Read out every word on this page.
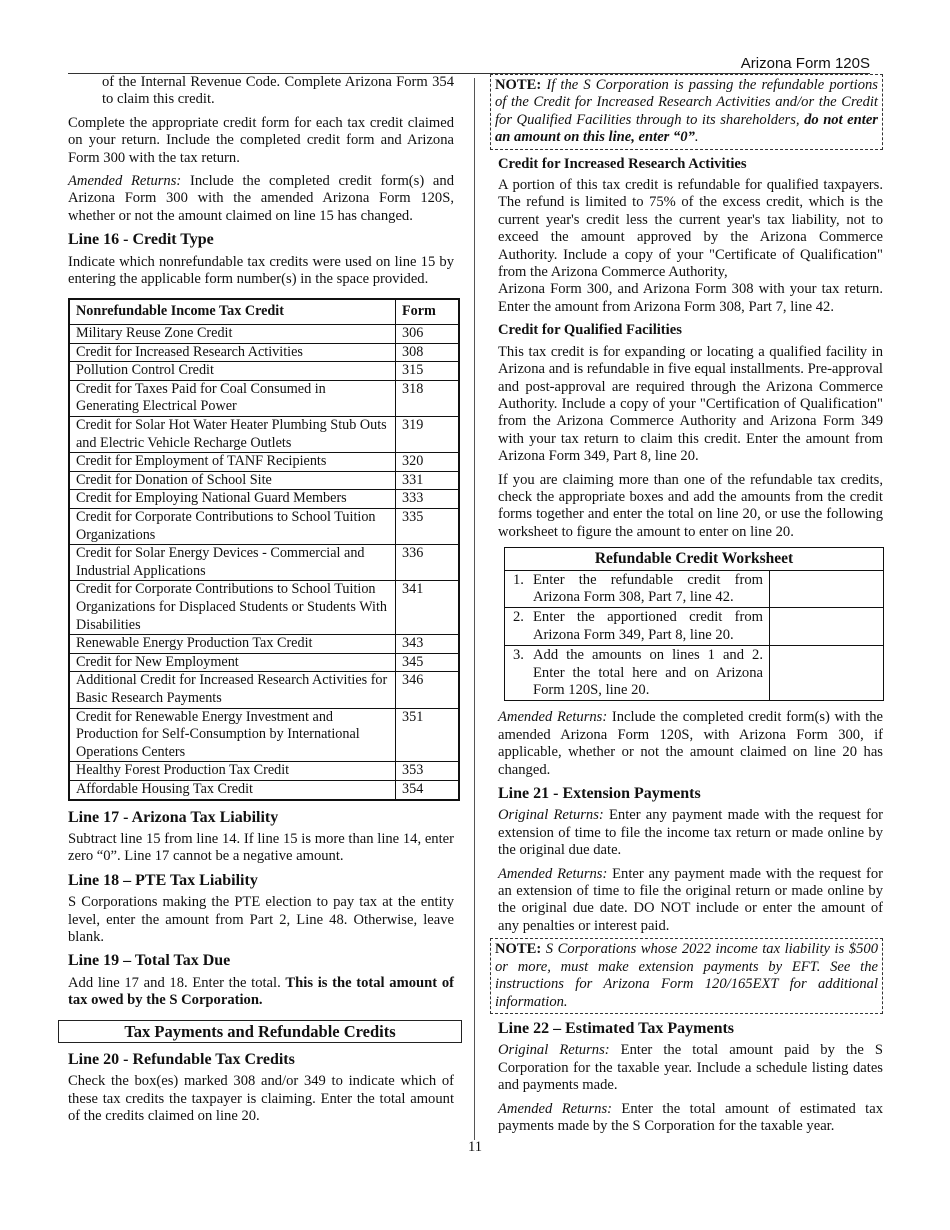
Arizona Form 120S

of the Internal Revenue Code. Complete Arizona Form 354 to claim this credit.

Complete the appropriate credit form for each tax credit claimed on your return. Include the completed credit form and Arizona Form 300 with the tax return.

Amended Returns: Include the completed credit form(s) and Arizona Form 300 with the amended Arizona Form 120S, whether or not the amount claimed on line 15 has changed.

Line 16 - Credit Type

Indicate which nonrefundable tax credits were used on line 15 by entering the applicable form number(s) in the space provided.

Nonrefundable Income Tax Credit	Form
Military Reuse Zone Credit	306
Credit for Increased Research Activities	308
Pollution Control Credit	315
Credit for Taxes Paid for Coal Consumed in Generating Electrical Power	318
Credit for Solar Hot Water Heater Plumbing Stub Outs and Electric Vehicle Recharge Outlets	319
Credit for Employment of TANF Recipients	320
Credit for Donation of School Site	331
Credit for Employing National Guard Members	333
Credit for Corporate Contributions to School Tuition Organizations	335
Credit for Solar Energy Devices - Commercial and Industrial Applications	336
Credit for Corporate Contributions to School Tuition Organizations for Displaced Students or Students With Disabilities	341
Renewable Energy Production Tax Credit	343
Credit for New Employment	345
Additional Credit for Increased Research Activities for Basic Research Payments	346
Credit for Renewable Energy Investment and Production for Self-Consumption by International Operations Centers	351
Healthy Forest Production Tax Credit	353
Affordable Housing Tax Credit	354
Line 17 - Arizona Tax Liability

Subtract line 15 from line 14. If line 15 is more than line 14, enter zero “0”. Line 17 cannot be a negative amount.

Line 18 – PTE Tax Liability

S Corporations making the PTE election to pay tax at the entity level, enter the amount from Part 2, Line 48. Otherwise, leave blank.

Line 19 – Total Tax Due

Add line 17 and 18. Enter the total. This is the total amount of tax owed by the S Corporation.

Tax Payments and Refundable Credits
Line 20 - Refundable Tax Credits

Check the box(es) marked 308 and/or 349 to indicate which of these tax credits the taxpayer is claiming. Enter the total amount of the credits claimed on line 20.

NOTE: If the S Corporation is passing the refundable portions of the Credit for Increased Research Activities and/or the Credit for Qualified Facilities through to its shareholders, do not enter an amount on this line, enter “0”.
Credit for Increased Research Activities

A portion of this tax credit is refundable for qualified taxpayers. The refund is limited to 75% of the excess credit, which is the current year's credit less the current year's tax liability, not to exceed the amount approved by the Arizona Commerce Authority. Include a copy of your "Certificate of Qualification" from the Arizona Commerce Authority,

Arizona Form 300, and Arizona Form 308 with your tax return. Enter the amount from Arizona Form 308, Part 7, line 42.

Credit for Qualified Facilities

This tax credit is for expanding or locating a qualified facility in Arizona and is refundable in five equal installments. Pre-approval and post-approval are required through the Arizona Commerce Authority. Include a copy of your "Certification of Qualification" from the Arizona Commerce Authority and Arizona Form 349 with your tax return to claim this credit. Enter the amount from Arizona Form 349, Part 8, line 20.

If you are claiming more than one of the refundable tax credits, check the appropriate boxes and add the amounts from the credit forms together and enter the total on line 20, or use the following worksheet to figure the amount to enter on line 20.

Refundable Credit Worksheet	

1. Enter the refundable credit from Arizona Form 308, Part 7, line 42.	

2. Enter the apportioned credit from Arizona Form 349, Part 8, line 20.	

3. Add the amounts on lines 1 and 2. Enter the total here and on Arizona Form 120S, line 20.	

Amended Returns: Include the completed credit form(s) with the amended Arizona Form 120S, with Arizona Form 300, if applicable, whether or not the amount claimed on line 20 has changed.

Line 21 - Extension Payments

Original Returns: Enter any payment made with the request for extension of time to file the income tax return or made online by the original due date.

Amended Returns: Enter any payment made with the request for an extension of time to file the original return or made online by the original due date. DO NOT include or enter the amount of any penalties or interest paid.

NOTE: S Corporations whose 2022 income tax liability is $500 or more, must make extension payments by EFT. See the instructions for Arizona Form 120/165EXT for additional information.
Line 22 – Estimated Tax Payments

Original Returns: Enter the total amount paid by the S Corporation for the taxable year. Include a schedule listing dates and payments made.

Amended Returns: Enter the total amount of estimated tax payments made by the S Corporation for the taxable year.

11
